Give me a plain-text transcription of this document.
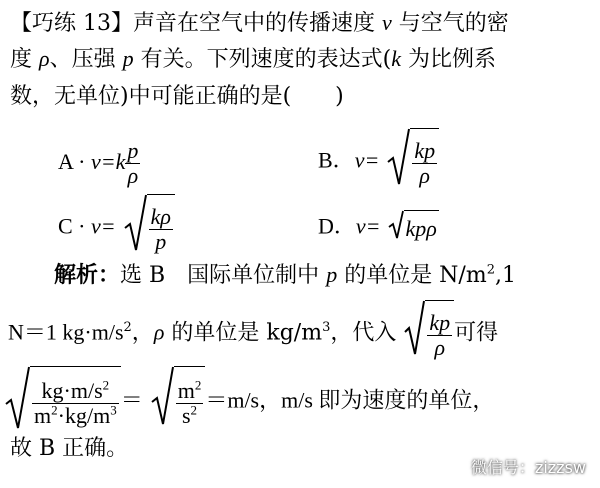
【巧练 13】声音在空气中的传播速度 v 与空气的密
度 ρ、压强 p 有关。下列速度的表达式(k 为比例系
数，无单位)中可能正确的是(　　)
$A \cdot v=k \frac{p}{\rho}$	B．$v= \frac{kp}{\rho}$
$C \cdot v= \frac{k\rho}{p}$	D．v= kpρ
解析：选 B　国际单位制中 p 的单位是 $N/m^2,1$
N＝1 $kg\cdot m/s^2$，ρ 的单位是 $kg/m^3$，代入 $\frac{kp}{\rho}$ 可得
$\frac{kg\cdot m/s^2}{m^2\cdot kg/m^3} = \frac{m^2}{s^2} =m/s$，m/s 即为速度的单位，
故 B 正确。
微信号：zizzsw
